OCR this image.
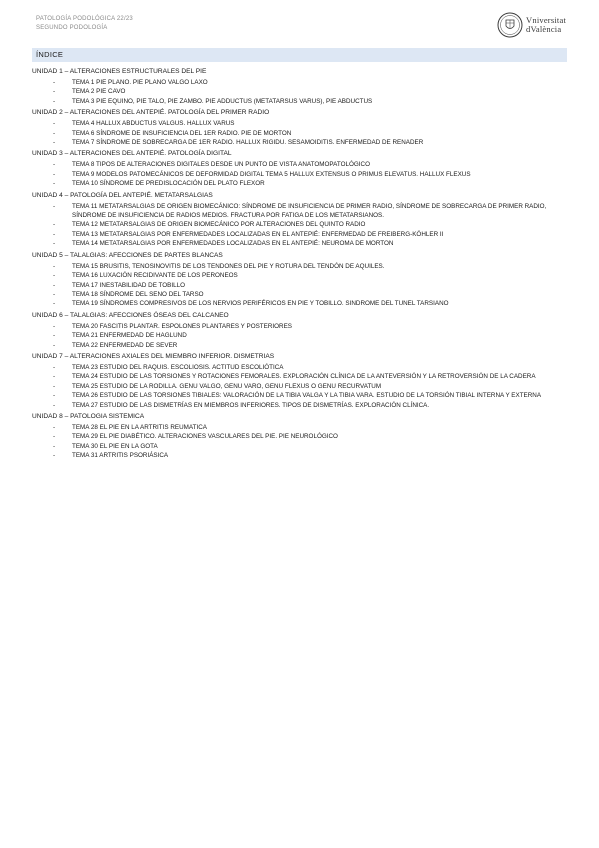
PATOLOGÍA PODOLÓGICA 22/23
SEGUNDO PODOLOGÍA
Vniversitat
dValència
ÍNDICE
UNIDAD 1 – ALTERACIONES ESTRUCTURALES DEL PIE
-	TEMA 1 PIE PLANO. PIE PLANO VALGO LAXO
-	TEMA 2 PIE CAVO
-	TEMA 3 PIE EQUINO, PIE TALO, PIE ZAMBO. PIE ADDUCTUS (METATARSUS VARUS), PIE ABDUCTUS
UNIDAD 2 – ALTERACIONES DEL ANTEPIÉ. PATOLOGÍA DEL PRIMER RADIO
-	TEMA 4 HALLUX ABDUCTUS VALGUS. HALLUX VARUS
-	TEMA 6 SÍNDROME DE INSUFICIENCIA DEL 1ER RADIO. PIE DE MORTON
-	TEMA 7 SÍNDROME DE SOBRECARGA DE 1ER RADIO. HALLUX RIGIDU. SESAMOIDITIS. ENFERMEDAD DE RENADER
UNIDAD 3 – ALTERACIONES DEL ANTEPIÉ. PATOLOGÍA DIGITAL
-	TEMA 8 TIPOS DE ALTERACIONES DIGITALES DESDE UN PUNTO DE VISTA ANATOMOPATOLÓGICO
-	TEMA 9 MODELOS PATOMECÁNICOS DE DEFORMIDAD DIGITAL TEMA 5 HALLUX EXTENSUS O PRIMUS ELEVATUS. HALLUX FLEXUS
-	TEMA 10 SÍNDROME DE PREDISLOCACIÓN DEL PLATO FLEXOR
UNIDAD 4 – PATOLOGÍA DEL ANTEPIÉ. METATARSALGIAS
-	TEMA 11 METATARSALGIAS DE ORIGEN BIOMECÁNICO: SÍNDROME DE INSUFICIENCIA DE PRIMER RADIO, SÍNDROME DE SOBRECARGA DE PRIMER RADIO, SÍNDROME DE INSUFICIENCIA DE RADIOS MEDIOS. FRACTURA POR FATIGA DE LOS METATARSIANOS.
-	TEMA 12 METATARSALGIAS DE ORIGEN BIOMECÁNICO POR ALTERACIONES DEL QUINTO RADIO
-	TEMA 13 METATARSALGIAS POR ENFERMEDADES LOCALIZADAS EN EL ANTEPIÉ: ENFERMEDAD DE FREIBERG-KÖHLER II
-	TEMA 14 METATARSALGIAS POR ENFERMEDADES LOCALIZADAS EN EL ANTEPIÉ: NEUROMA DE MORTON
UNIDAD 5 – TALALGIAS: AFECCIONES DE PARTES BLANCAS
-	TEMA 15 BRUSITIS, TENOSINOVITIS DE LOS TENDONES DEL PIE Y ROTURA DEL TENDÓN DE AQUILES.
-	TEMA 16 LUXACIÓN RECIDIVANTE DE LOS PERONEOS
-	TEMA 17 INESTABILIDAD DE TOBILLO
-	TEMA 18 SÍNDROME DEL SENO DEL TARSO
-	TEMA 19 SÍNDROMES COMPRESIVOS DE LOS NERVIOS PERIFÉRICOS EN PIE Y TOBILLO. SINDROME DEL TUNEL TARSIANO
UNIDAD 6 – TALALGIAS: AFECCIONES ÓSEAS DEL CALCANEO
-	TEMA 20 FASCITIS PLANTAR. ESPOLONES PLANTARES Y POSTERIORES
-	TEMA 21 ENFERMEDAD DE HAGLUND
-	TEMA 22 ENFERMEDAD DE SEVER
UNIDAD 7 – ALTERACIONES AXIALES DEL MIEMBRO INFERIOR. DISMETRIAS
-	TEMA 23 ESTUDIO DEL RAQUIS. ESCOLIOSIS. ACTITUD ESCOLIÓTICA
-	TEMA 24 ESTUDIO DE LAS TORSIONES Y ROTACIONES FEMORALES. EXPLORACIÓN CLÍNICA DE LA ANTEVERSIÓN Y LA RETROVERSIÓN DE LA CADERA
-	TEMA 25 ESTUDIO DE LA RODILLA. GENU VALGO, GENU VARO, GENU FLEXUS O GENU RECURVATUM
-	TEMA 26 ESTUDIO DE LAS TORSIONES TIBIALES: VALORACIÓN DE LA TIBIA VALGA Y LA TIBIA VARA. ESTUDIO DE LA TORSIÓN TIBIAL INTERNA Y EXTERNA
-	TEMA 27 ESTUDIO DE LAS DISMETRÍAS EN MIEMBROS INFERIORES. TIPOS DE DISMETRÍAS. EXPLORACIÓN CLÍNICA.
UNIDAD 8 – PATOLOGIA SISTEMICA
-	TEMA 28 EL PIE EN LA ARTRITIS REUMATICA
-	TEMA 29 EL PIE DIABÉTICO. ALTERACIONES VASCULARES DEL PIE. PIE NEUROLÓGICO
-	TEMA 30 EL PIE EN LA GOTA
-	TEMA 31 ARTRITIS PSORIÁSICA
